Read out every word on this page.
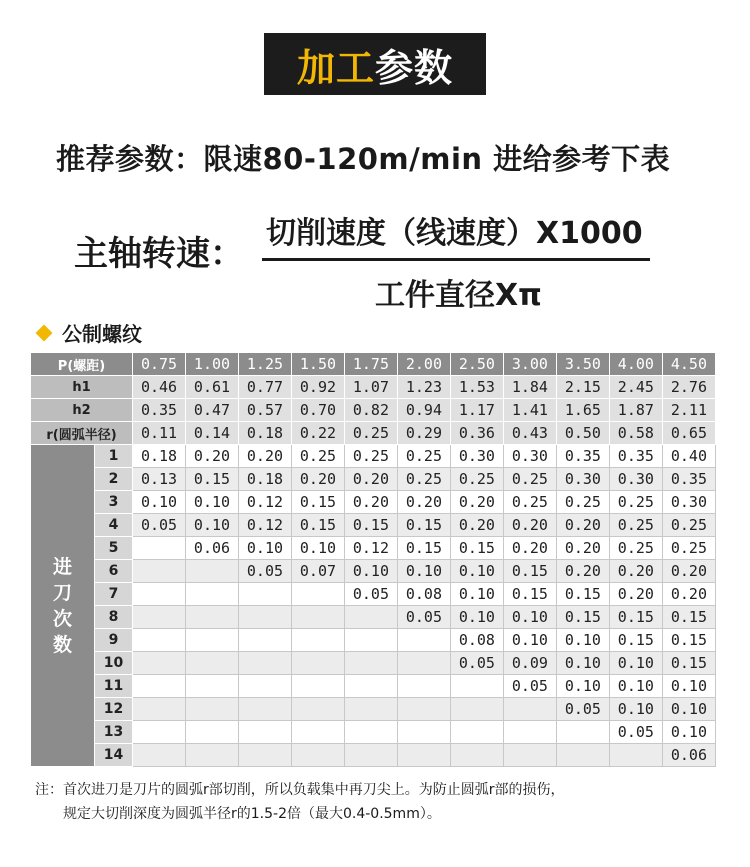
加工 参数
推荐参数：限速80-120m/min 进给参考下表
主轴转速：
切削速度（线速度）X1000
工件直径Xπ
公制螺纹
P(螺距)		0.75	1.00	1.25	1.50	1.75	2.00	2.50	3.00	3.50	4.00	4.50
h1		0.46	0.61	0.77	0.92	1.07	1.23	1.53	1.84	2.15	2.45	2.76
h2		0.35	0.47	0.57	0.70	0.82	0.94	1.17	1.41	1.65	1.87	2.11
r(圆弧半径)		0.11	0.14	0.18	0.22	0.25	0.29	0.36	0.43	0.50	0.58	0.65

进刀次数	1	0.18	0.20	0.20	0.25	0.25	0.25	0.30	0.30	0.35	0.35	0.40
	2	0.13	0.15	0.18	0.20	0.20	0.25	0.25	0.25	0.30	0.30	0.35
	3	0.10	0.10	0.12	0.15	0.20	0.20	0.20	0.25	0.25	0.25	0.30
	4	0.05	0.10	0.12	0.15	0.15	0.15	0.20	0.20	0.20	0.25	0.25
	5		0.06	0.10	0.10	0.12	0.15	0.15	0.20	0.20	0.25	0.25
	6			0.05	0.07	0.10	0.10	0.10	0.15	0.20	0.20	0.20
	7					0.05	0.08	0.10	0.15	0.15	0.20	0.20
	8						0.05	0.10	0.10	0.15	0.15	0.15
	9							0.08	0.10	0.10	0.15	0.15
	10							0.05	0.09	0.10	0.10	0.15
	11								0.05	0.10	0.10	0.10
	12									0.05	0.10	0.10
	13										0.05	0.10
	14											0.06
注：首次进刀是刀片的圆弧r部切削，所以负载集中再刀尖上。为防止圆弧r部的损伤，
规定大切削深度为圆弧半径r的1.5-2倍（最大0.4-0.5mm）。
